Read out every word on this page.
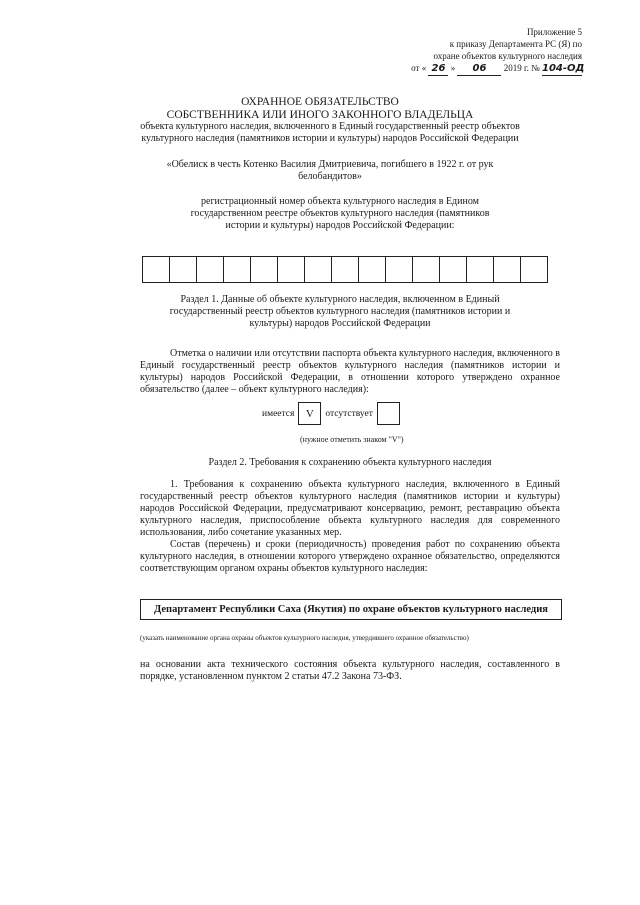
Приложение 5
к приказу Департамента РС (Я) по
охране объектов культурного наследия
от « 26 » 06 2019 г. № 104-ОД
ОХРАННОЕ ОБЯЗАТЕЛЬСТВО
СОБСТВЕННИКА ИЛИ ИНОГО ЗАКОННОГО ВЛАДЕЛЬЦА
объекта культурного наследия, включенного в Единый государственный реестр объектов культурного наследия (памятников истории и культуры) народов Российской Федерации
«Обелиск в честь Котенко Василия Дмитриевича, погибшего в 1922 г. от рук белобандитов»
регистрационный номер объекта культурного наследия в Едином государственном реестре объектов культурного наследия (памятников истории и культуры) народов Российской Федерации:
Раздел 1. Данные об объекте культурного наследия, включенном в Единый государственный реестр объектов культурного наследия (памятников истории и культуры) народов Российской Федерации
Отметка о наличии или отсутствии паспорта объекта культурного наследия, включенного в Единый государственный реестр объектов культурного наследия (памятников истории и культуры) народов Российской Федерации, в отношении которого утверждено охранное обязательство (далее – объект культурного наследия):
имеется	V	отсутствует
(нужное отметить знаком "V")
Раздел 2. Требования к сохранению объекта культурного наследия
1. Требования к сохранению объекта культурного наследия, включенного в Единый государственный реестр объектов культурного наследия (памятников истории и культуры) народов Российской Федерации, предусматривают консервацию, ремонт, реставрацию объекта культурного наследия, приспособление объекта культурного наследия для современного использования, либо сочетание указанных мер.
Состав (перечень) и сроки (периодичность) проведения работ по сохранению объекта культурного наследия, в отношении которого утверждено охранное обязательство, определяются соответствующим органом охраны объектов культурного наследия:
Департамент Республики Саха (Якутия) по охране объектов культурного наследия
(указать наименование органа охраны объектов культурного наследия, утвердившего охранное обязательство)
на основании акта технического состояния объекта культурного наследия, составленного в порядке, установленном пунктом 2 статьи 47.2 Закона 73-ФЗ.
